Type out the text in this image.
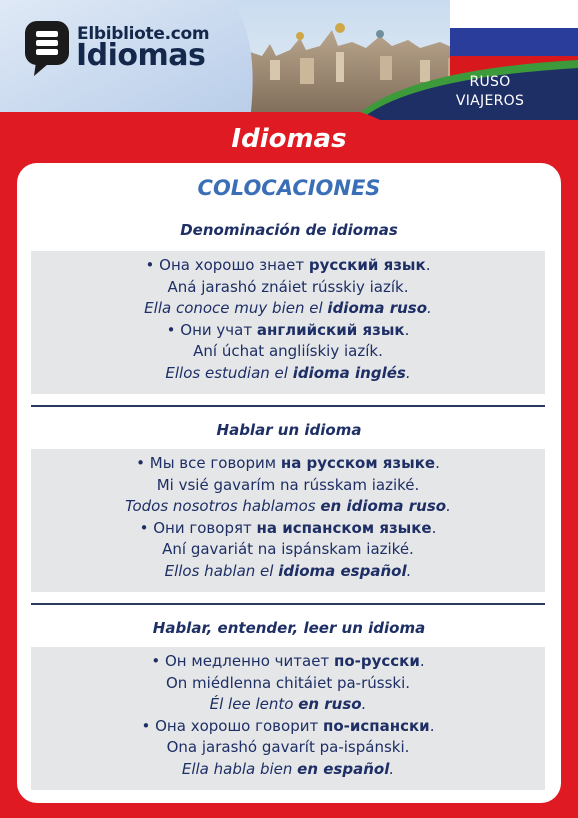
Elbibliote.com
Idiomas
RUSO
VIAJEROS
Idiomas
COLOCACIONES
Denominación de idiomas
• Она хорошо знает русский язык.
Aná jarashó znáiet rússkiy iazík.
Ella conoce muy bien el idioma ruso.
• Они учат английский язык.
Aní úchat angliískiy iazík.
Ellos estudian el idioma inglés.
Hablar un idioma
• Мы все говорим на русском языке.
Mi vsié gavarím na rússkam iaziké.
Todos nosotros hablamos en idioma ruso.
• Они говорят на испанском языке.
Aní gavariát na ispánskam iaziké.
Ellos hablan el idioma español.
Hablar, entender, leer un idioma
• Он медленно читает по-русски.
On miédlenna chitáiet pa-rússki.
Él lee lento en ruso.
• Она хорошо говорит по-испански.
Ona jarashó gavarít pa-ispánski.
Ella habla bien en español.
